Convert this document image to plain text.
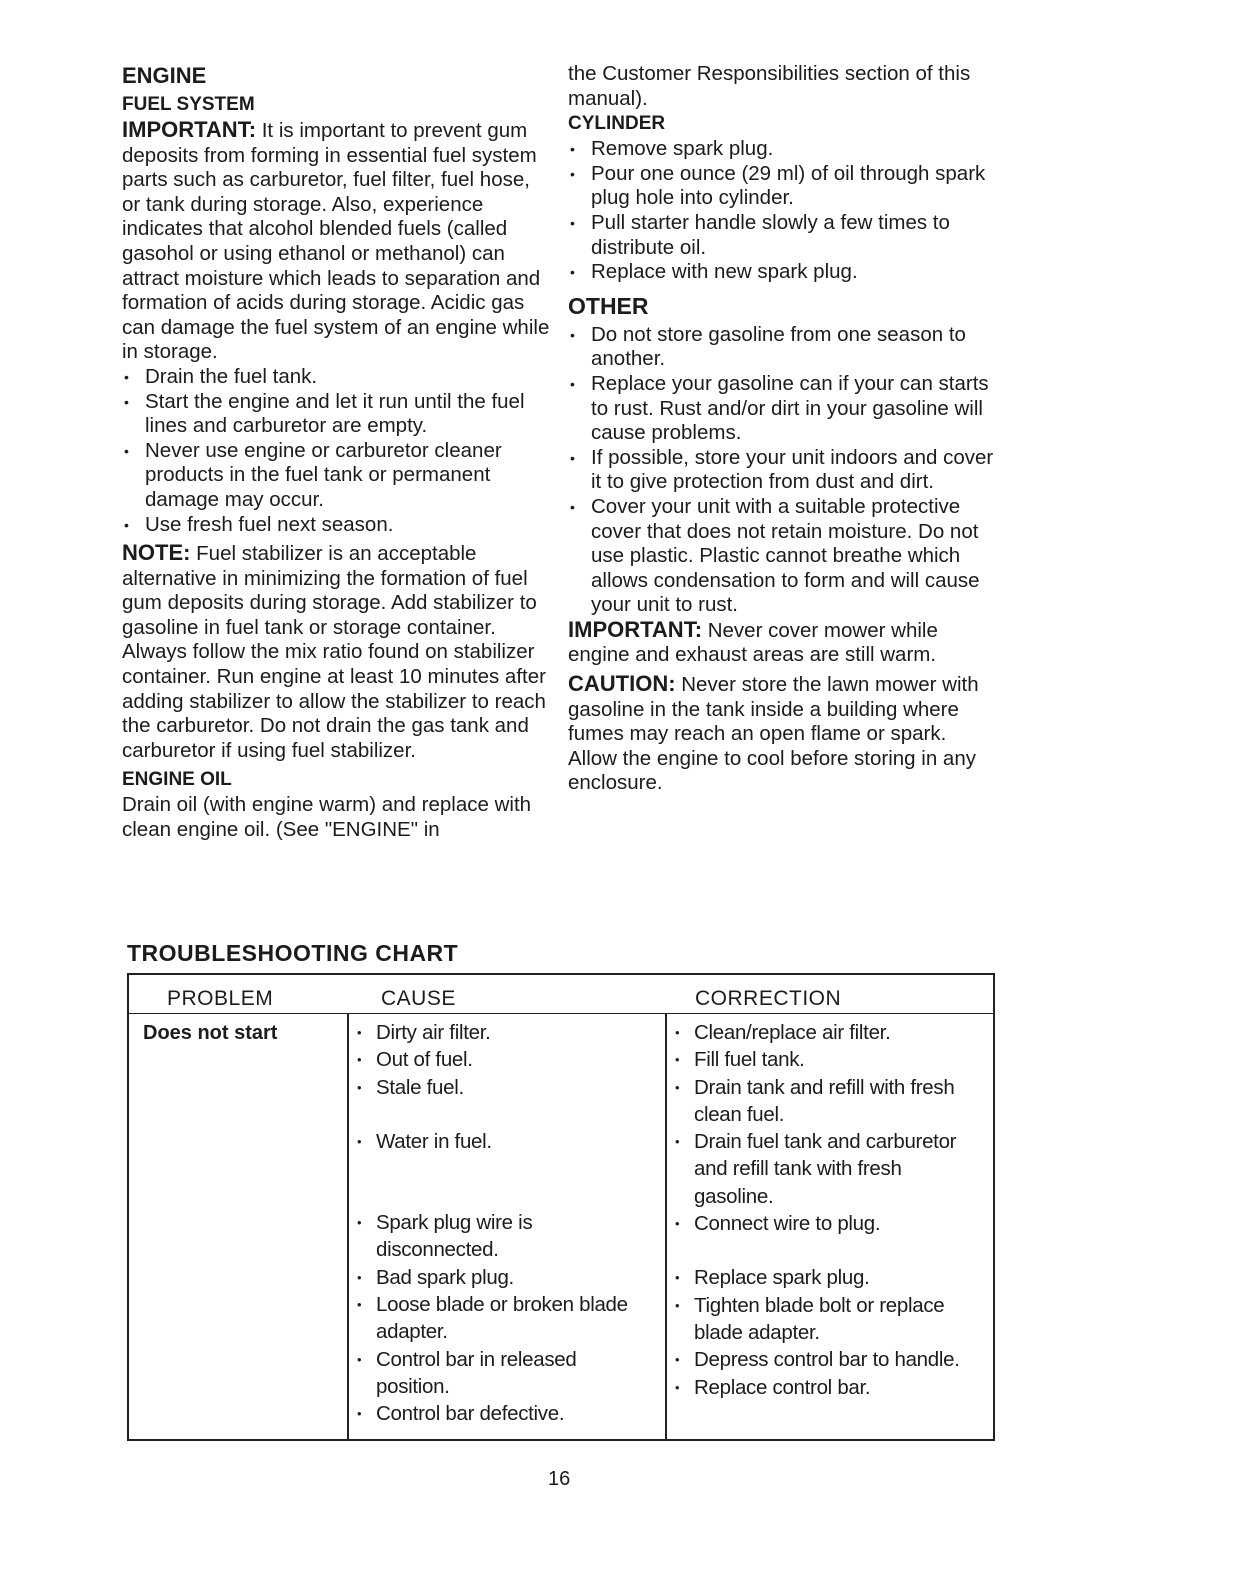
ENGINE
FUEL SYSTEM

IMPORTANT: It is important to prevent gum deposits from forming in essential fuel system parts such as carburetor, fuel filter, fuel hose, or tank during storage. Also, experience indicates that alcohol blended fuels (called gasohol or using ethanol or methanol) can attract moisture which leads to separation and formation of acids during storage. Acidic gas can damage the fuel system of an engine while in storage.

• Drain the fuel tank.
• Start the engine and let it run until the fuel lines and carburetor are empty.
• Never use engine or carburetor cleaner products in the fuel tank or permanent damage may occur.
• Use fresh fuel next season.

NOTE: Fuel stabilizer is an acceptable alternative in minimizing the formation of fuel gum deposits during storage. Add stabilizer to gasoline in fuel tank or storage container. Always follow the mix ratio found on stabilizer container. Run engine at least 10 minutes after adding stabilizer to allow the stabilizer to reach the carburetor. Do not drain the gas tank and carburetor if using fuel stabilizer.

ENGINE OIL

Drain oil (with engine warm) and replace with clean engine oil. (See "ENGINE" in

the Customer Responsibilities section of this manual).

CYLINDER
• Remove spark plug.
• Pour one ounce (29 ml) of oil through spark plug hole into cylinder.
• Pull starter handle slowly a few times to distribute oil.
• Replace with new spark plug.
OTHER
• Do not store gasoline from one season to another.
• Replace your gasoline can if your can starts to rust. Rust and/or dirt in your gasoline will cause problems.
• If possible, store your unit indoors and cover it to give protection from dust and dirt.
• Cover your unit with a suitable protective cover that does not retain moisture. Do not use plastic. Plastic cannot breathe which allows condensation to form and will cause your unit to rust.

IMPORTANT: Never cover mower while engine and exhaust areas are still warm.

CAUTION: Never store the lawn mower with gasoline in the tank inside a building where fumes may reach an open flame or spark. Allow the engine to cool before storing in any enclosure.

TROUBLESHOOTING CHART
PROBLEM	CAUSE	CORRECTION
Does not start
•	Dirty air filter.
• Out of fuel.
• Stale fuel.
• Water in fuel.
• Spark plug wire is disconnected.
• Bad spark plug.
• Loose blade or broken blade adapter.
• Control bar in released position.
• Control bar defective.
• Clean/replace air filter.
• Fill fuel tank.
• Drain tank and refill with fresh clean fuel.
• Drain fuel tank and carburetor and refill tank with fresh gasoline.
• Connect wire to plug.
• Replace spark plug.
• Tighten blade bolt or replace blade adapter.
• Depress control bar to handle.
• Replace control bar.
16
